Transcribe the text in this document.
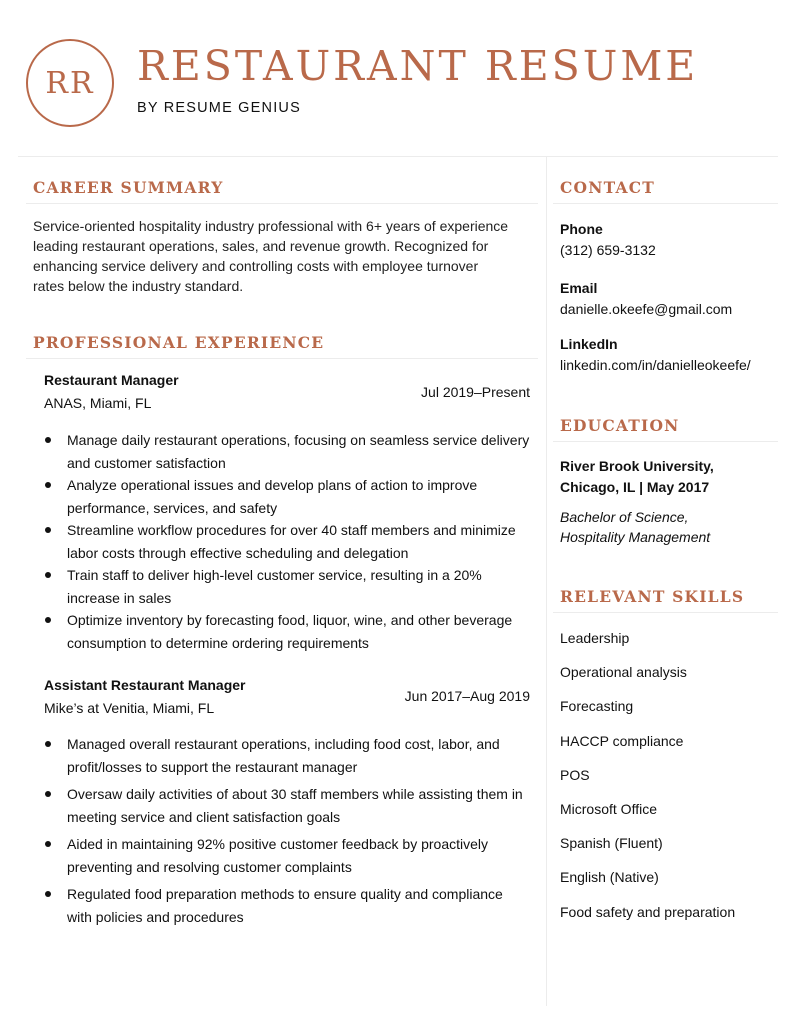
RR	RESTAURANT RESUME
BY RESUME GENIUS
CAREER SUMMARY
Service-oriented hospitality industry professional with 6+ years of experience leading restaurant operations, sales, and revenue growth. Recognized for enhancing service delivery and controlling costs with employee turnover rates below the industry standard.
PROFESSIONAL EXPERIENCE
Restaurant Manager
Jul 2019–Present
ANAS, Miami, FL
Manage daily restaurant operations, focusing on seamless service delivery and customer satisfaction
Analyze operational issues and develop plans of action to improve performance, services, and safety
Streamline workflow procedures for over 40 staff members and minimize labor costs through effective scheduling and delegation
Train staff to deliver high-level customer service, resulting in a 20% increase in sales
Optimize inventory by forecasting food, liquor, wine, and other beverage consumption to determine ordering requirements
Assistant Restaurant Manager
Jun 2017–Aug 2019
Mike’s at Venitia, Miami, FL
Managed overall restaurant operations, including food cost, labor, and profit/losses to support the restaurant manager
Oversaw daily activities of about 30 staff members while assisting them in meeting service and client satisfaction goals
Aided in maintaining 92% positive customer feedback by proactively preventing and resolving customer complaints
Regulated food preparation methods to ensure quality and compliance with policies and procedures
CONTACT
Phone
(312) 659-3132
Email
danielle.okeefe@gmail.com
LinkedIn
linkedin.com/in/danielleokeefe/
EDUCATION
River Brook University,
Chicago, IL | May 2017
Bachelor of Science,
Hospitality Management
RELEVANT SKILLS
Leadership
Operational analysis
Forecasting
HACCP compliance
POS
Microsoft Office
Spanish (Fluent)
English (Native)
Food safety and preparation
